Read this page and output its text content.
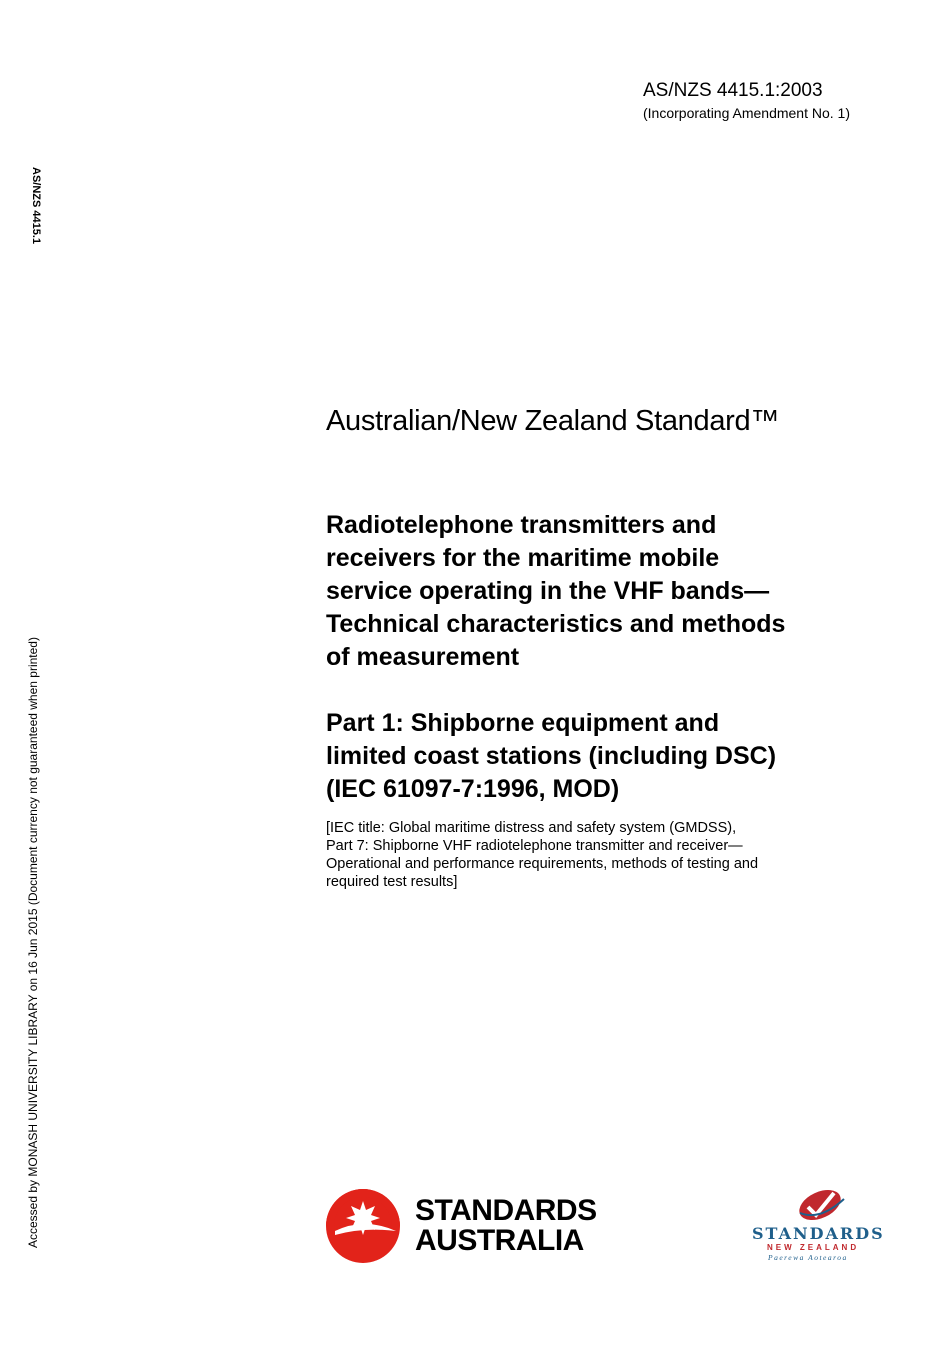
AS/NZS 4415.1:2003
(Incorporating Amendment No. 1)
AS/NZS 4415.1
Accessed by MONASH UNIVERSITY LIBRARY on 16 Jun 2015 (Document currency not guaranteed when printed)
Australian/New Zealand Standard™
Radiotelephone transmitters and
receivers for the maritime mobile
service operating in the VHF bands—
Technical characteristics and methods
of measurement
Part 1: Shipborne equipment and
limited coast stations (including DSC)
(IEC 61097-7:1996, MOD)
[IEC title: Global maritime distress and safety system (GMDSS),
Part 7: Shipborne VHF radiotelephone transmitter and receiver—
Operational and performance requirements, methods of testing and
required test results]
STANDARDS
AUSTRALIA	STANDARDS
NEW ZEALAND
Paerewa Aotearoa
